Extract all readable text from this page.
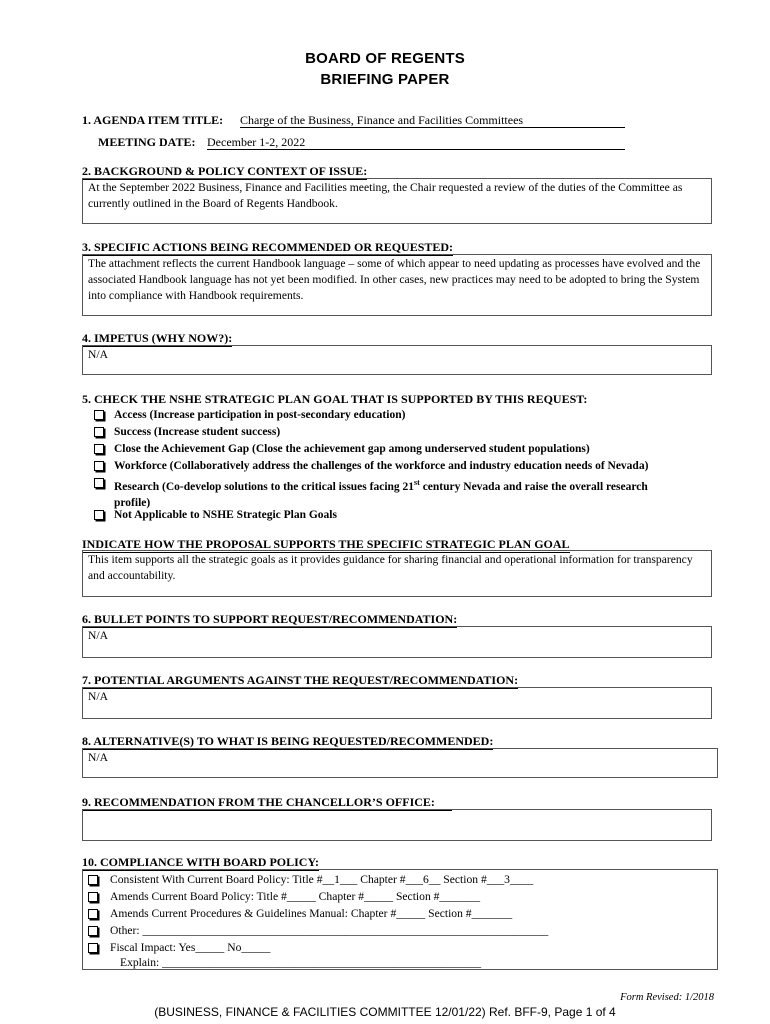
BOARD OF REGENTS
BRIEFING PAPER
1. AGENDA ITEM TITLE: Charge of the Business, Finance and Facilities Committees
MEETING DATE: December 1-2, 2022
2. BACKGROUND & POLICY CONTEXT OF ISSUE:
At the September 2022 Business, Finance and Facilities meeting, the Chair requested a review of the duties of the Committee as currently outlined in the Board of Regents Handbook.
3. SPECIFIC ACTIONS BEING RECOMMENDED OR REQUESTED:
The attachment reflects the current Handbook language – some of which appear to need updating as processes have evolved and the associated Handbook language has not yet been modified. In other cases, new practices may need to be adopted to bring the System into compliance with Handbook requirements.
4. IMPETUS (WHY NOW?):
N/A
5. CHECK THE NSHE STRATEGIC PLAN GOAL THAT IS SUPPORTED BY THIS REQUEST:
Access (Increase participation in post-secondary education)
Success (Increase student success)
Close the Achievement Gap (Close the achievement gap among underserved student populations)
Workforce (Collaboratively address the challenges of the workforce and industry education needs of Nevada)
Research (Co-develop solutions to the critical issues facing 21st century Nevada and raise the overall research profile)
Not Applicable to NSHE Strategic Plan Goals
INDICATE HOW THE PROPOSAL SUPPORTS THE SPECIFIC STRATEGIC PLAN GOAL
This item supports all the strategic goals as it provides guidance for sharing financial and operational information for transparency and accountability.
6. BULLET POINTS TO SUPPORT REQUEST/RECOMMENDATION:
N/A
7. POTENTIAL ARGUMENTS AGAINST THE REQUEST/RECOMMENDATION:
N/A
8. ALTERNATIVE(S) TO WHAT IS BEING REQUESTED/RECOMMENDED:
N/A
9. RECOMMENDATION FROM THE CHANCELLOR’S OFFICE:
10. COMPLIANCE WITH BOARD POLICY:
Consistent With Current Board Policy: Title #__1___ Chapter #___6__ Section #___3____
Amends Current Board Policy: Title #_____ Chapter #_____ Section #_______
Amends Current Procedures & Guidelines Manual: Chapter #_____ Section #_______
Other: ______________________________________________________________________
Fiscal Impact: Yes_____ No_____
Explain: _______________________________________________________
Form Revised: 1/2018
(BUSINESS, FINANCE & FACILITIES COMMITTEE 12/01/22) Ref. BFF-9, Page 1 of 4
